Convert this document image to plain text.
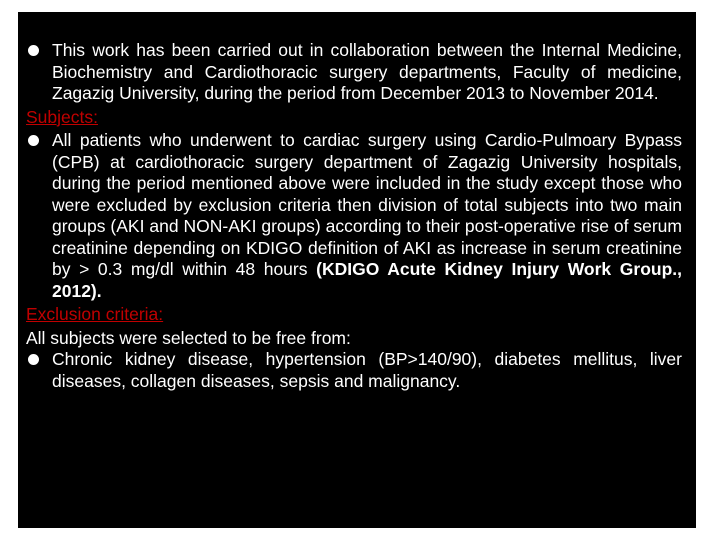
This work has been carried out in collaboration between the Internal Medicine, Biochemistry and Cardiothoracic surgery departments, Faculty of medicine, Zagazig University, during the period from December 2013 to November 2014.
Subjects:
All patients who underwent to cardiac surgery using Cardio-Pulmoary Bypass (CPB) at cardiothoracic surgery department of Zagazig University hospitals, during the period mentioned above were included in the study except those who were excluded by exclusion criteria then division of total subjects into two main groups (AKI and NON-AKI groups) according to their post-operative rise of serum creatinine depending on KDIGO definition of AKI as increase in serum creatinine by > 0.3 mg/dl within 48 hours (KDIGO Acute Kidney Injury Work Group., 2012).
Exclusion criteria:
All subjects were selected to be free from:
Chronic kidney disease, hypertension (BP>140/90), diabetes mellitus, liver diseases, collagen diseases, sepsis and malignancy.
